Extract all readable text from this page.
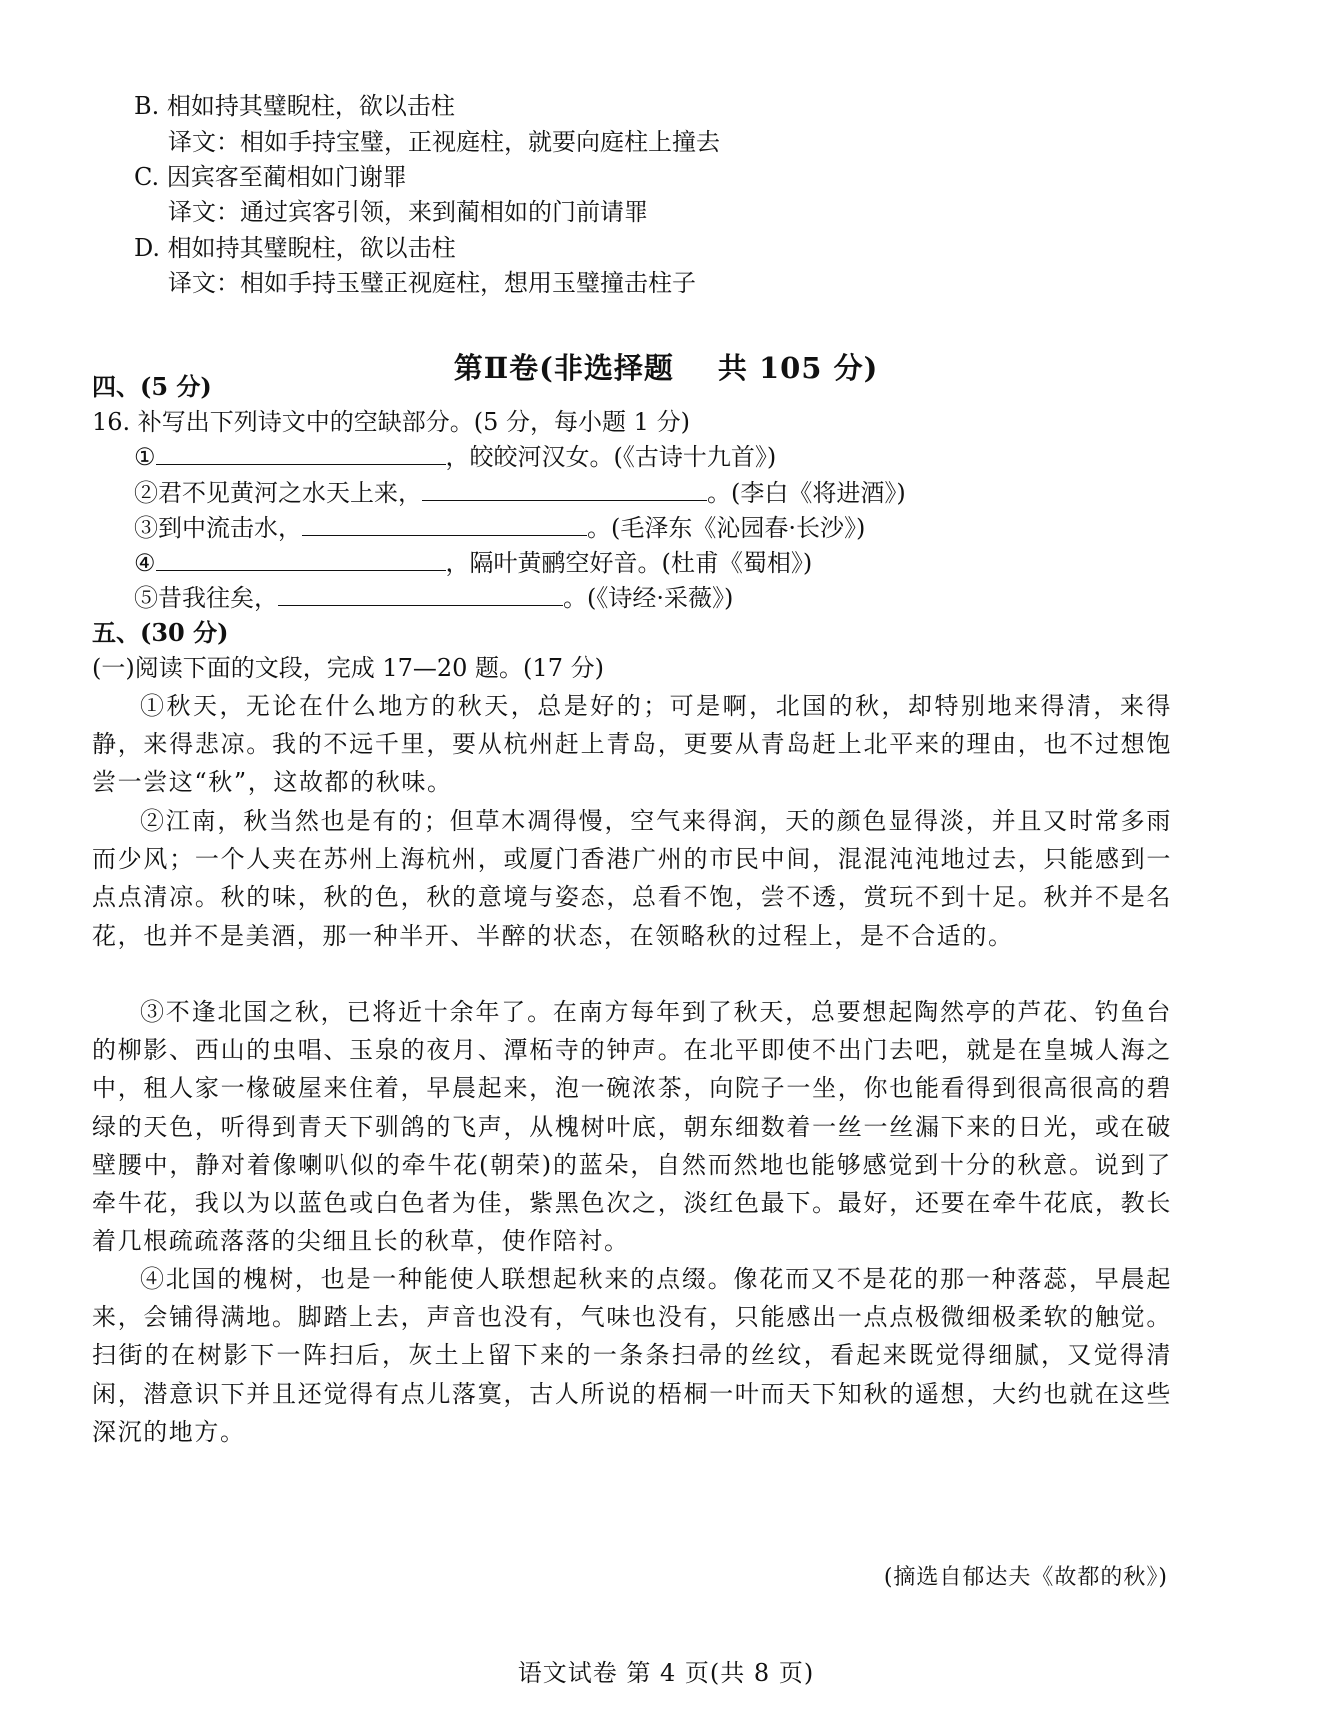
B. 相如持其璧睨柱，欲以击柱
译文：相如手持宝璧，正视庭柱，就要向庭柱上撞去
C. 因宾客至蔺相如门谢罪
译文：通过宾客引领，来到蔺相如的门前请罪
D. 相如持其璧睨柱，欲以击柱
译文：相如手持玉璧正视庭柱，想用玉璧撞击柱子
第Ⅱ卷(非选择题 共 105 分)
四、(5 分)
16. 补写出下列诗文中的空缺部分。(5 分，每小题 1 分)
①	，皎皎河汉女。(《古诗十九首》)
②君不见黄河之水天上来，	。(李白《将进酒》)
③到中流击水，	。(毛泽东《沁园春·长沙》)
④	，隔叶黄鹂空好音。(杜甫《蜀相》)
⑤昔我往矣，	。(《诗经·采薇》)
五、(30 分)
(一)阅读下面的文段，完成 17—20 题。(17 分)

①秋天，无论在什么地方的秋天，总是好的；可是啊，北国的秋，却特别地来得清，来得静，来得悲凉。我的不远千里，要从杭州赶上青岛，更要从青岛赶上北平来的理由，也不过想饱尝一尝这“秋”，这故都的秋味。

②江南，秋当然也是有的；但草木凋得慢，空气来得润，天的颜色显得淡，并且又时常多雨而少风；一个人夹在苏州上海杭州，或厦门香港广州的市民中间，混混沌沌地过去，只能感到一点点清凉。秋的味，秋的色，秋的意境与姿态，总看不饱，尝不透，赏玩不到十足。秋并不是名花，也并不是美酒，那一种半开、半醉的状态，在领略秋的过程上，是不合适的。

③不逢北国之秋，已将近十余年了。在南方每年到了秋天，总要想起陶然亭的芦花、钓鱼台的柳影、西山的虫唱、玉泉的夜月、潭柘寺的钟声。在北平即使不出门去吧，就是在皇城人海之中，租人家一椽破屋来住着，早晨起来，泡一碗浓茶，向院子一坐，你也能看得到很高很高的碧绿的天色，听得到青天下驯鸽的飞声，从槐树叶底，朝东细数着一丝一丝漏下来的日光，或在破壁腰中，静对着像喇叭似的牵牛花(朝荣)的蓝朵，自然而然地也能够感觉到十分的秋意。说到了牵牛花，我以为以蓝色或白色者为佳，紫黑色次之，淡红色最下。最好，还要在牵牛花底，教长着几根疏疏落落的尖细且长的秋草，使作陪衬。

④北国的槐树，也是一种能使人联想起秋来的点缀。像花而又不是花的那一种落蕊，早晨起来，会铺得满地。脚踏上去，声音也没有，气味也没有，只能感出一点点极微细极柔软的触觉。扫街的在树影下一阵扫后，灰土上留下来的一条条扫帚的丝纹，看起来既觉得细腻，又觉得清闲，潜意识下并且还觉得有点儿落寞，古人所说的梧桐一叶而天下知秋的遥想，大约也就在这些深沉的地方。

(摘选自郁达夫《故都的秋》)
语文试卷 第 4 页(共 8 页)
